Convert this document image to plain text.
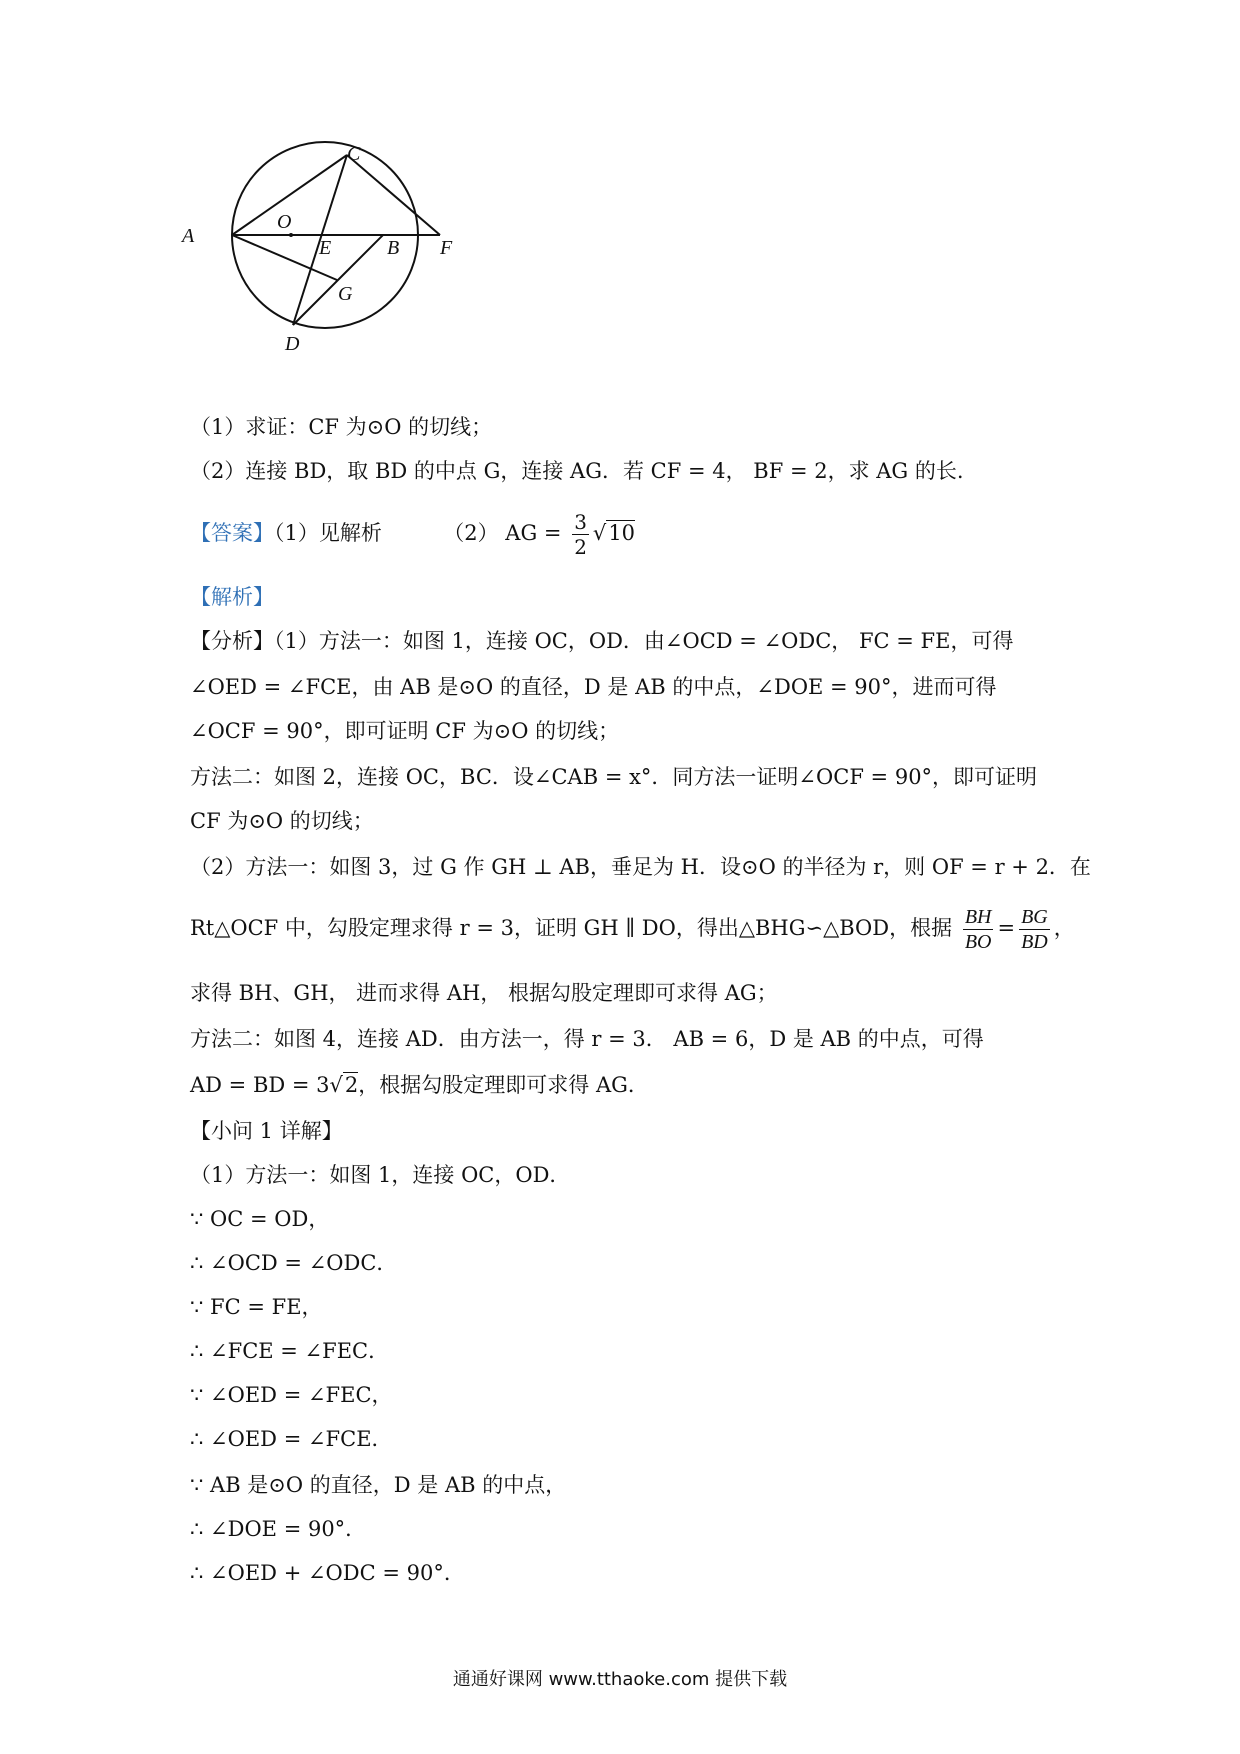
A
O
C
E	B F
G
D
（1）求证：CF 为⊙O 的切线；
（2）连接 BD，取 BD 的中点 G，连接 AG．若 CF = 4， BF = 2，求 AG 的长.
【答案】（1）见解析	（2） AG = $\frac{3}{2} √10$
【解析】
【分析】（1）方法一：如图 1，连接 OC，OD．由∠OCD = ∠ODC， FC = FE，可得
∠OED = ∠FCE，由 AB 是⊙O 的直径，D 是 AB 的中点，∠DOE = 90°，进而可得
∠OCF = 90°，即可证明 CF 为⊙O 的切线；
方法二：如图 2，连接 OC，BC．设∠CAB = x°．同方法一证明∠OCF = 90°，即可证明
CF 为⊙O 的切线；
（2）方法一：如图 3，过 G 作 GH ⊥ AB，垂足为 H．设⊙O 的半径为 r，则 OF = r + 2．在
Rt△OCF 中，勾股定理求得 r = 3，证明 GH ∥ DO，得出△BHG∽△BOD，根据 $\frac{BH}{BO} = \frac{BG}{BD}$ ，
求得 BH、GH， 进而求得 AH， 根据勾股定理即可求得 AG；
方法二：如图 4，连接 AD．由方法一，得 r = 3． AB = 6，D 是 AB 的中点，可得
AD = BD = 3√2，根据勾股定理即可求得 AG．
【小问 1 详解】
（1）方法一：如图 1，连接 OC，OD．
∵ OC = OD，
∴ ∠OCD = ∠ODC．
∵ FC = FE，
∴ ∠FCE = ∠FEC．
∵ ∠OED = ∠FEC，
∴ ∠OED = ∠FCE．
∵ AB 是⊙O 的直径，D 是 AB 的中点，
∴ ∠DOE = 90°．
∴ ∠OED + ∠ODC = 90°．
通通好课网 www.tthaoke.com 提供下载
